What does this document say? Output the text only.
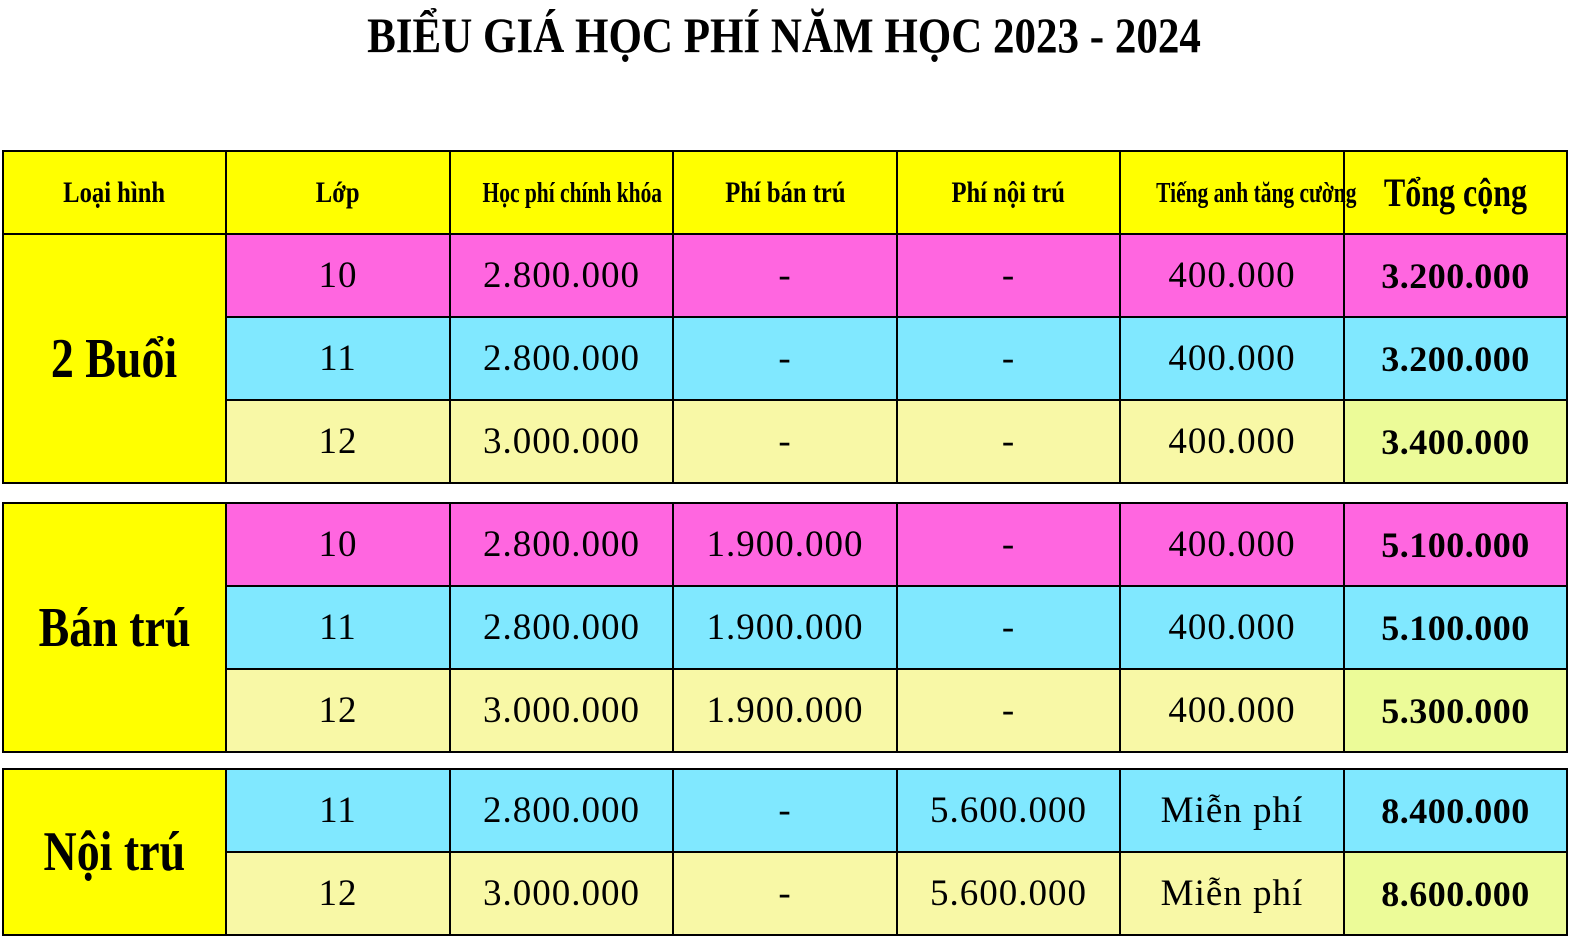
BIỂU GIÁ HỌC PHÍ NĂM HỌC 2023 - 2024
Loại hình	Lớp	Học phí chính khóa	Phí bán trú	Phí nội trú	Tiếng anh tăng cường	Tổng cộng
2 Buổi	10	2.800.000	-	-	400.000	3.200.000
	11	2.800.000	-	-	400.000	3.200.000
	12	3.000.000	-	-	400.000	3.400.000
Bán trú	10	2.800.000	1.900.000	-	400.000	5.100.000
	11	2.800.000	1.900.000	-	400.000	5.100.000
	12	3.000.000	1.900.000	-	400.000	5.300.000
Nội trú	11	2.800.000	-	5.600.000	Miễn phí	8.400.000
	12	3.000.000	-	5.600.000	Miễn phí	8.600.000
